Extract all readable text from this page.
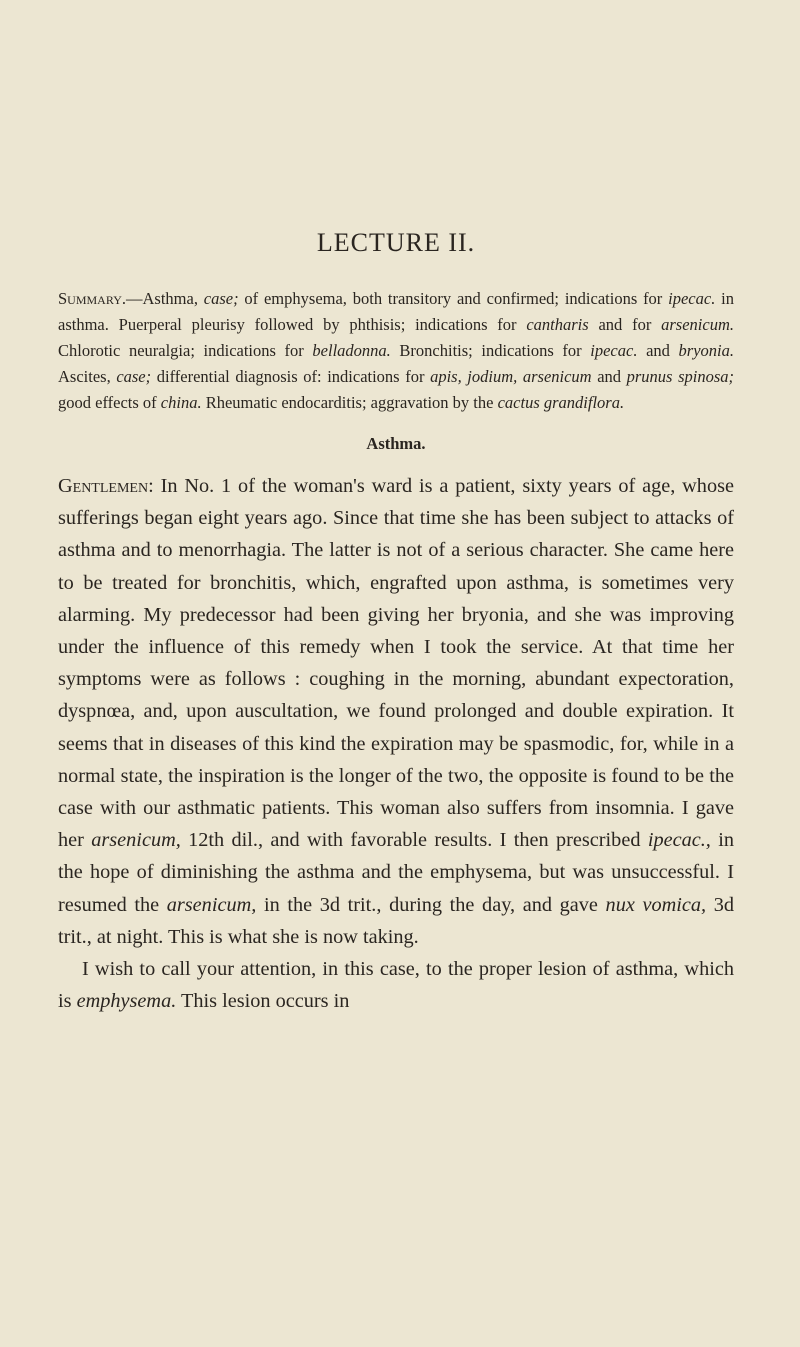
LECTURE II.

Summary.—Asthma, case; of emphysema, both transitory and confirmed; indications for ipecac. in asthma. Puerperal pleurisy followed by phthisis; indications for cantharis and for arsenicum. Chlorotic neuralgia; indications for belladonna. Bronchitis; indications for ipecac. and bryonia. Ascites, case; differential diagnosis of: indications for apis, jodium, arsenicum and prunus spinosa; good effects of china. Rheumatic endocarditis; aggravation by the cactus grandiflora.

Asthma.

Gentlemen: In No. 1 of the woman's ward is a patient, sixty years of age, whose sufferings began eight years ago. Since that time she has been subject to attacks of asthma and to menorrhagia. The latter is not of a serious character. She came here to be treated for bronchitis, which, engrafted upon asthma, is sometimes very alarming. My predecessor had been giving her bryonia, and she was improving under the influence of this remedy when I took the service. At that time her symptoms were as follows : coughing in the morning, abundant expectoration, dyspnœa, and, upon auscultation, we found prolonged and double expiration. It seems that in diseases of this kind the expiration may be spasmodic, for, while in a normal state, the inspiration is the longer of the two, the opposite is found to be the case with our asthmatic patients. This woman also suffers from insomnia. I gave her arsenicum, 12th dil., and with favorable results. I then prescribed ipecac., in the hope of diminishing the asthma and the emphysema, but was unsuccessful. I resumed the arsenicum, in the 3d trit., during the day, and gave nux vomica, 3d trit., at night. This is what she is now taking.

I wish to call your attention, in this case, to the proper lesion of asthma, which is emphysema. This lesion occurs in
